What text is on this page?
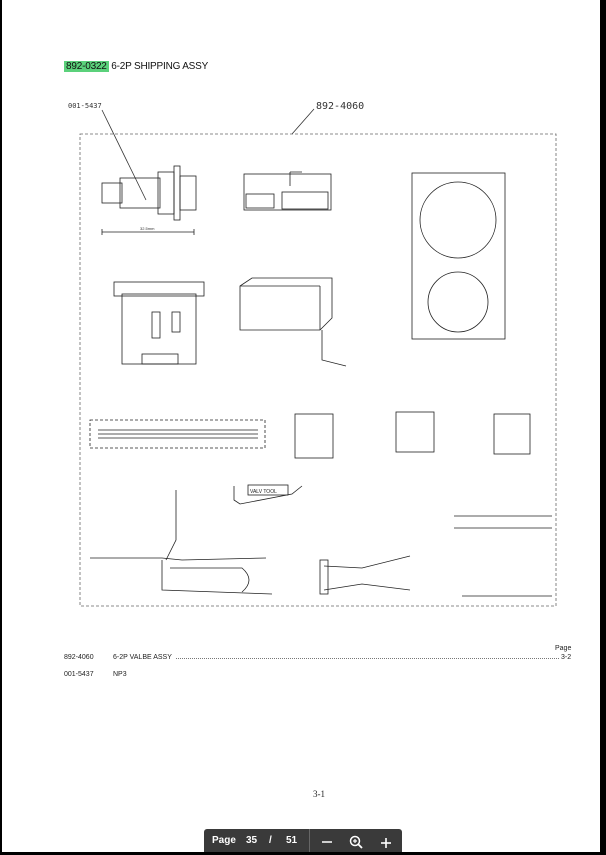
892-0322 6-2P SHIPPING ASSY
001-5437	892-4060
32.5mm
VALV TOOL
Page
892-4060	6-2P VALBE ASSY	3-2
001-5437	NP3
3-1
Page 35 / 51
